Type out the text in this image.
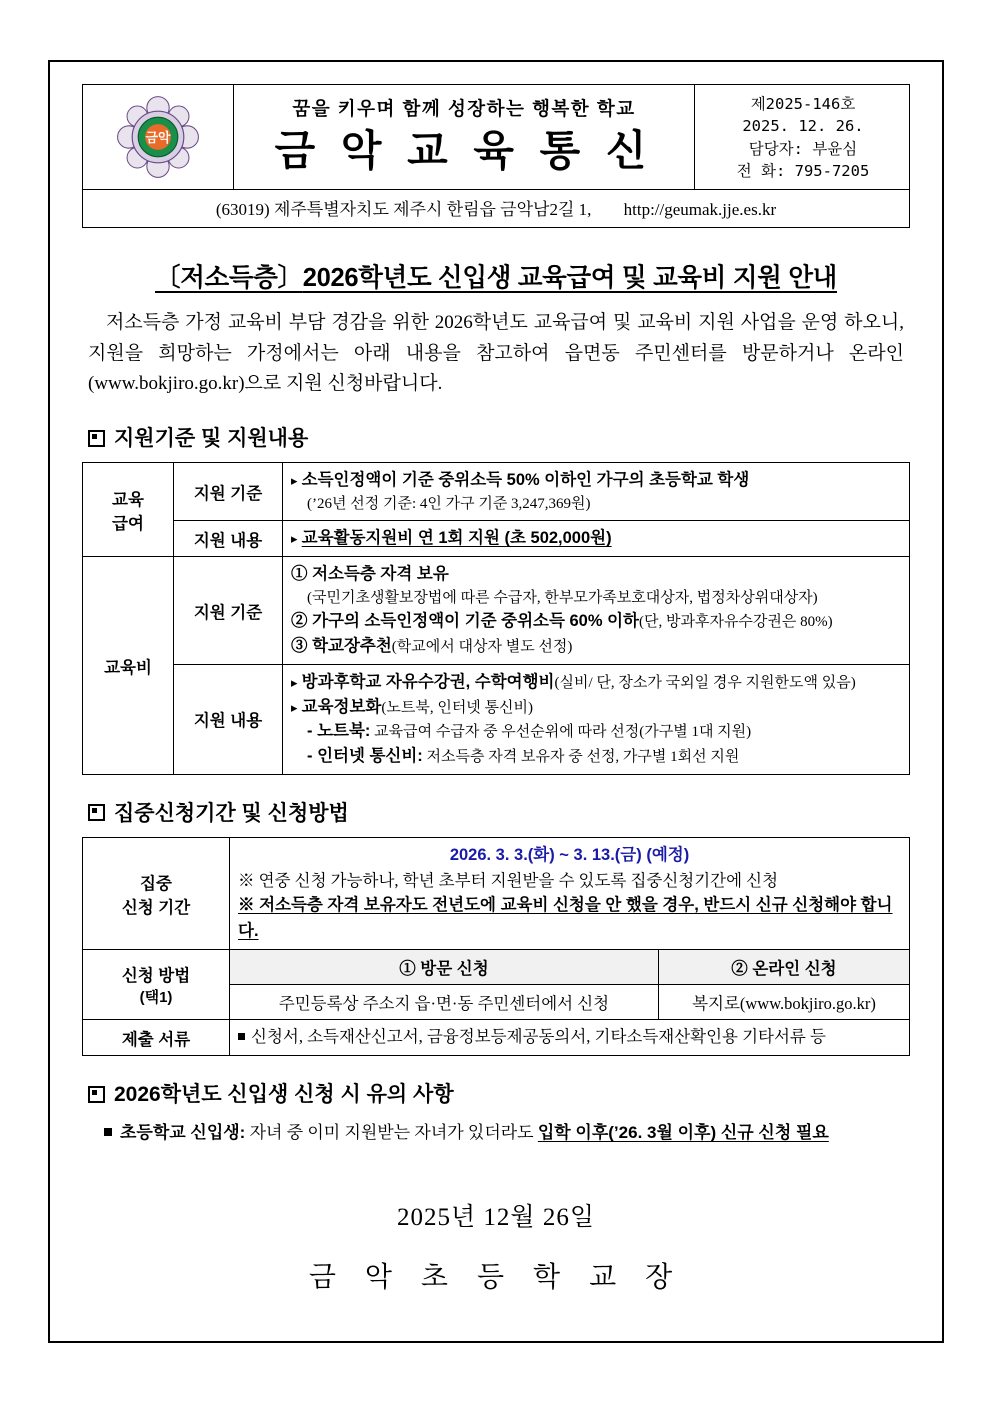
금악
꿈을 키우며 함께 성장하는 행복한 학교
금 악 교 육 통 신
제2025-146호
2025. 12. 26.
담당자: 부윤심
전 화: 795-7205
(63019) 제주특별자치도 제주시 한림읍 금악남2길 1, http://geumak.jje.es.kr
〔저소득층〕2026학년도 신입생 교육급여 및 교육비 지원 안내
저소득층 가정 교육비 부담 경감을 위한 2026학년도 교육급여 및 교육비 지원 사업을 운영 하오니, 지원을 희망하는 가정에서는 아래 내용을 참고하여 읍면동 주민센터를 방문하거나 온라인(www.bokjiro.go.kr)으로 지원 신청바랍니다.
지원기준 및 지원내용
교육
급여	지원 기준	▸ 소득인정액이 기준 중위소득 50% 이하인 가구의 초등학교 학생
(’26년 선정 기준: 4인 가구 기준 3,247,369원)

	지원 내용	▸ 교육활동지원비 연 1회 지원 (초 502,000원)

교육비	지원 기준	① 저소득층 자격 보유
(국민기초생활보장법에 따른 수급자, 한부모가족보호대상자, 법정차상위대상자)
② 가구의 소득인정액이 기준 중위소득 60% 이하(단, 방과후자유수강권은 80%)
③ 학교장추천(학교에서 대상자 별도 선정)

	지원 내용	▸ 방과후학교 자유수강권, 수학여행비(실비/ 단, 장소가 국외일 경우 지원한도액 있음)
▸ 교육정보화(노트북, 인터넷 통신비)
- 노트북: 교육급여 수급자 중 우선순위에 따라 선정(가구별 1대 지원)
- 인터넷 통신비: 저소득층 자격 보유자 중 선정, 가구별 1회선 지원
집중신청기간 및 신청방법
집중
신청 기간	2026. 3. 3.(화) ~ 3. 13.(금) (예정)
※ 연중 신청 가능하나, 학년 초부터 지원받을 수 있도록 집중신청기간에 신청
※ 저소득층 자격 보유자도 전년도에 교육비 신청을 안 했을 경우, 반드시 신규 신청해야 합니다.	

신청 방법
(택1)	① 방문 신청	② 온라인 신청
	주민등록상 주소지 읍·면·동 주민센터에서 신청	복지로(www.bokjiro.go.kr)
제출 서류	신청서, 소득재산신고서, 금융정보등제공동의서, 기타소득재산확인용 기타서류 등	
2026학년도 신입생 신청 시 유의 사항
초등학교 신입생: 자녀 중 이미 지원받는 자녀가 있더라도 입학 이후(’26. 3월 이후) 신규 신청 필요
2025년 12월 26일
금 악 초 등 학 교 장
